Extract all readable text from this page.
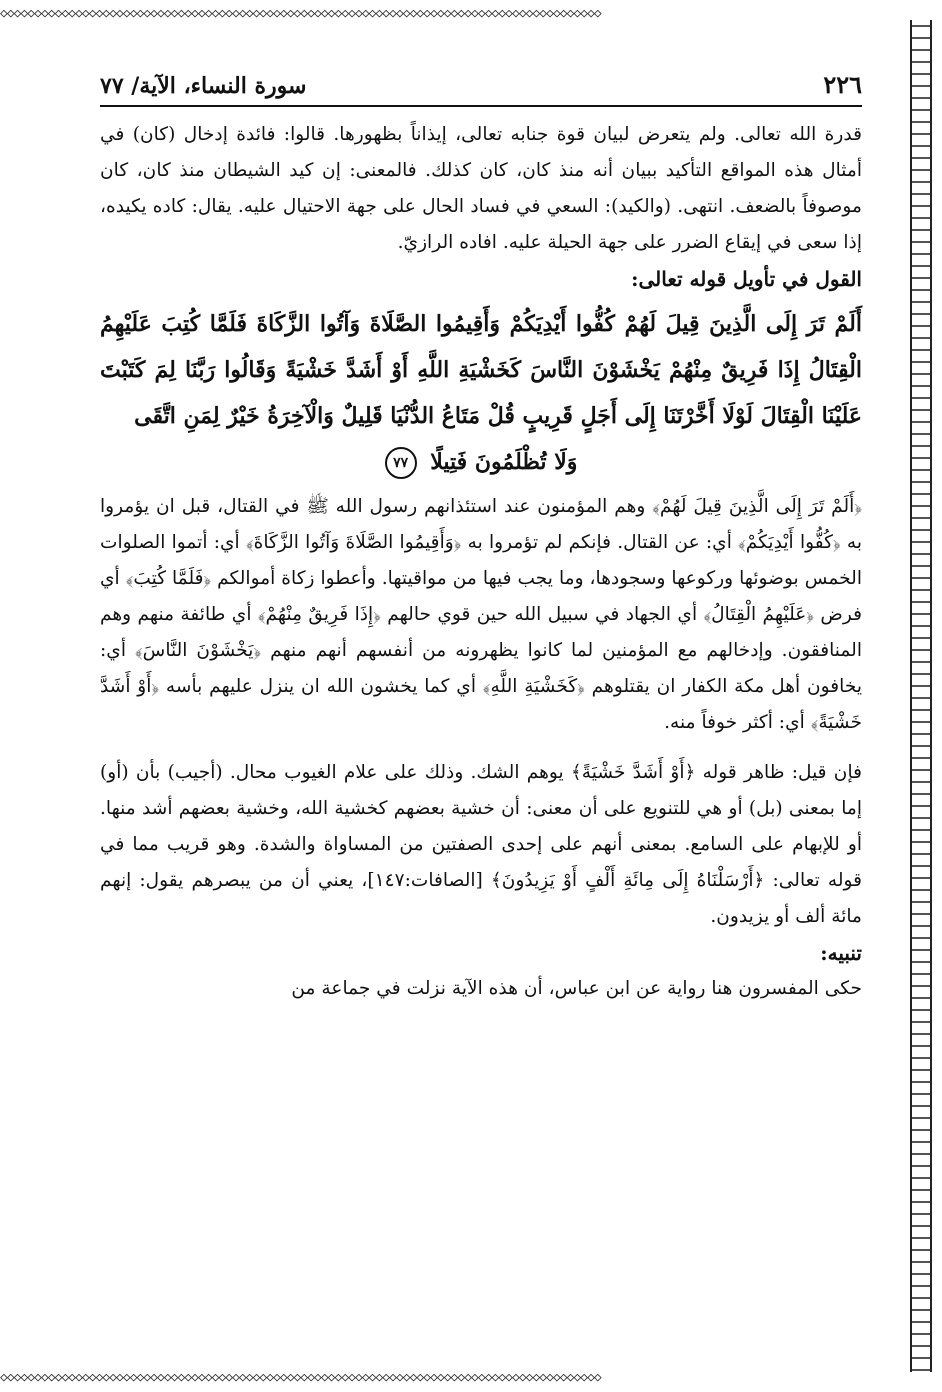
◇◇◇◇◇◇◇◇◇◇◇◇◇◇◇◇◇◇◇◇◇◇◇◇◇◇◇◇◇◇◇◇◇◇◇◇◇◇◇◇◇◇◇◇◇◇◇◇◇◇◇◇◇◇◇◇◇◇◇◇◇◇◇◇◇◇◇◇◇◇◇◇◇◇◇◇◇◇◇◇◇◇◇◇◇◇◇◇
◇◇◇◇◇◇◇◇◇◇◇◇◇◇◇◇◇◇◇◇◇◇◇◇◇◇◇◇◇◇◇◇◇◇◇◇◇◇◇◇◇◇◇◇◇◇◇◇◇◇◇◇◇◇◇◇◇◇◇◇◇◇◇◇◇◇◇◇◇◇◇◇◇◇◇◇◇◇◇◇◇◇◇◇◇◇◇◇
٢٢٦
سورة النساء، الآية/ ٧٧

قدرة الله تعالى. ولم يتعرض لبيان قوة جنابه تعالى، إيذاناً بظهورها. قالوا: فائدة إدخال (كان) في أمثال هذه المواقع التأكيد ببيان أنه منذ كان، كان كذلك. فالمعنى: إن كيد الشيطان منذ كان، كان موصوفاً بالضعف. انتهى. (والكيد): السعي في فساد الحال على جهة الاحتيال عليه. يقال: كاده يكيده، إذا سعى في إيقاع الضرر على جهة الحيلة عليه. افاده الرازيّ.

القول في تأويل قوله تعالى:

أَلَمْ تَرَ إِلَى الَّذِينَ قِيلَ لَهُمْ كُفُّوا أَيْدِيَكُمْ وَأَقِيمُوا الصَّلَاةَ وَآتُوا الزَّكَاةَ فَلَمَّا كُتِبَ عَلَيْهِمُ الْقِتَالُ إِذَا فَرِيقٌ مِنْهُمْ يَخْشَوْنَ النَّاسَ كَخَشْيَةِ اللَّهِ أَوْ أَشَدَّ خَشْيَةً وَقَالُوا رَبَّنَا لِمَ كَتَبْتَ عَلَيْنَا الْقِتَالَ لَوْلَا أَخَّرْتَنَا إِلَى أَجَلٍ قَرِيبٍ قُلْ مَتَاعُ الدُّنْيَا قَلِيلٌ وَالْآخِرَةُ خَيْرٌ لِمَنِ اتَّقَى
وَلَا تُظْلَمُونَ فَتِيلًا ٧٧

﴿أَلَمْ تَرَ إِلَى الَّذِينَ قِيلَ لَهُمْ﴾ وهم المؤمنون عند استئذانهم رسول الله ﷺ في القتال، قبل ان يؤمروا به ﴿كُفُّوا أَيْدِيَكُمْ﴾ أي: عن القتال. فإنكم لم تؤمروا به ﴿وَأَقِيمُوا الصَّلَاةَ وَآتُوا الزَّكَاةَ﴾ أي: أتموا الصلوات الخمس بوضوئها وركوعها وسجودها، وما يجب فيها من مواقيتها. وأعطوا زكاة أموالكم ﴿فَلَمَّا كُتِبَ﴾ أي فرض ﴿عَلَيْهِمُ الْقِتَالُ﴾ أي الجهاد في سبيل الله حين قوي حالهم ﴿إِذَا فَرِيقٌ مِنْهُمْ﴾ أي طائفة منهم وهم المنافقون. وإدخالهم مع المؤمنين لما كانوا يظهرونه من أنفسهم أنهم منهم ﴿يَخْشَوْنَ النَّاسَ﴾ أي: يخافون أهل مكة الكفار ان يقتلوهم ﴿كَخَشْيَةِ اللَّهِ﴾ أي كما يخشون الله ان ينزل عليهم بأسه ﴿أَوْ أَشَدَّ خَشْيَةً﴾ أي: أكثر خوفاً منه.

فإن قيل: ظاهر قوله ﴿أَوْ أَشَدَّ خَشْيَةً﴾ يوهم الشك. وذلك على علام الغيوب محال. (أجيب) بأن (أو) إما بمعنى (بل) أو هي للتنويع على أن معنى: أن خشية بعضهم كخشية الله، وخشية بعضهم أشد منها. أو للإبهام على السامع. بمعنى أنهم على إحدى الصفتين من المساواة والشدة. وهو قريب مما في قوله تعالى: ﴿أَرْسَلْنَاهُ إِلَى مِائَةِ أَلْفٍ أَوْ يَزِيدُونَ﴾ [الصافات:١٤٧]، يعني أن من يبصرهم يقول: إنهم مائة ألف أو يزيدون.

تنبيه:

حكى المفسرون هنا رواية عن ابن عباس، أن هذه الآية نزلت في جماعة من
